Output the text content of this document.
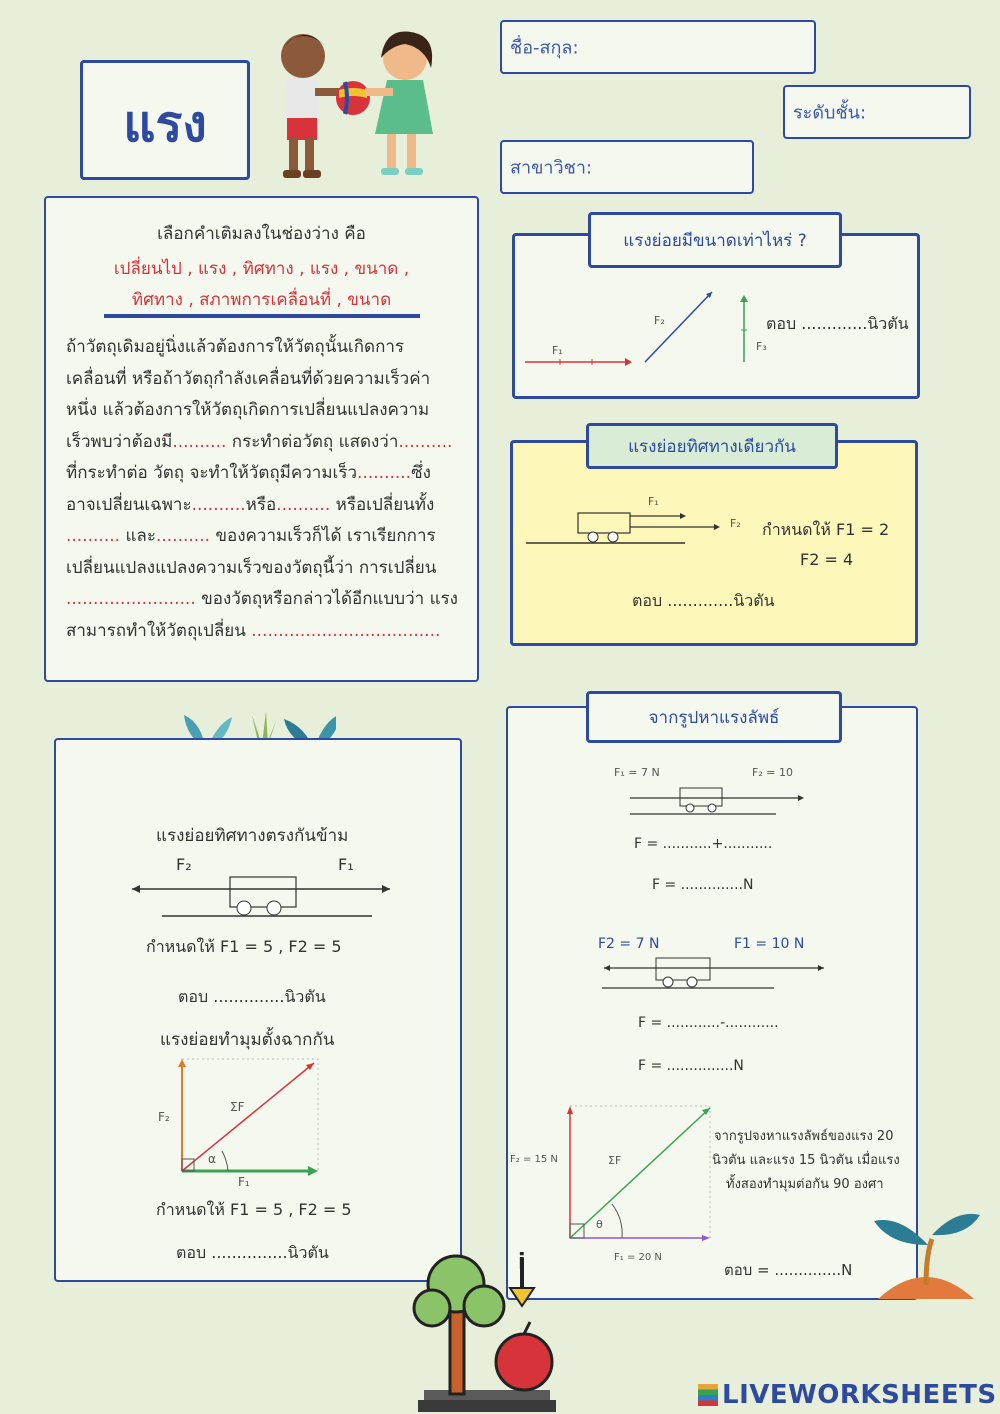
แรง
ชื่อ-สกุล:
ระดับชั้น:
สาขาวิชา:
เลือกคำเติมลงในช่องว่าง คือ
เปลี่ยนไป , แรง , ทิศทาง , แรง , ขนาด ,
ทิศทาง , สภาพการเคลื่อนที่ , ขนาด
ถ้าวัตถุเดิมอยู่นิ่งแล้วต้องการให้วัตถุนั้นเกิดการ
เคลื่อนที่ หรือถ้าวัตถุกำลังเคลื่อนที่ด้วยความเร็วค่า
หนึ่ง แล้วต้องการให้วัตถุเกิดการเปลี่ยนแปลงความ
เร็วพบว่าต้องมี.......... กระทำต่อวัตถุ แสดงว่า..........
ที่กระทำต่อ วัตถุ จะทำให้วัตถุมีความเร็ว..........ซึ่ง
อาจเปลี่ยนเฉพาะ..........หรือ.......... หรือเปลี่ยนทั้ง
.......... และ.......... ของความเร็วก็ได้ เราเรียกการ
เปลี่ยนแปลงแปลงความเร็วของวัตถุนี้ว่า การเปลี่ยน
........................ ของวัตถุหรือกล่าวได้อีกแบบว่า แรง
สามารถทำให้วัตถุเปลี่ยน ...................................
แรงย่อยมีขนาดเท่าไหร่ ?
F₁
F₂
F₃
ตอบ .............นิวตัน
แรงย่อยทิศทางเดียวกัน
F₁
F₂ กำหนดให้ F1 = 2
F2 = 4
ตอบ .............นิวตัน
แรงย่อยทิศทางตรงกันข้าม
F₂	F₁
กำหนดให้ F1 = 5 , F2 = 5
ตอบ ..............นิวตัน
แรงย่อยทำมุมตั้งฉากกัน
F₂
ΣF
α
F₁
กำหนดให้ F1 = 5 , F2 = 5
ตอบ ...............นิวตัน
จากรูปหาแรงลัพธ์
F₁ = 7 N	F₂ = 10
F = ...........+...........
F = ..............N
F2 = 7 N	F1 = 10 N
F = ............-............
F = ...............N
F₂ = 15 N	ΣF
θ
F₁ = 20 N
จากรูปจงหาแรงลัพธ์ของแรง 20
นิวตัน และแรง 15 นิวตัน เมื่อแรง
ทั้งสองทำมุมต่อกัน 90 องศา
ตอบ = ..............N
i
LIVEWORKSHEETS
